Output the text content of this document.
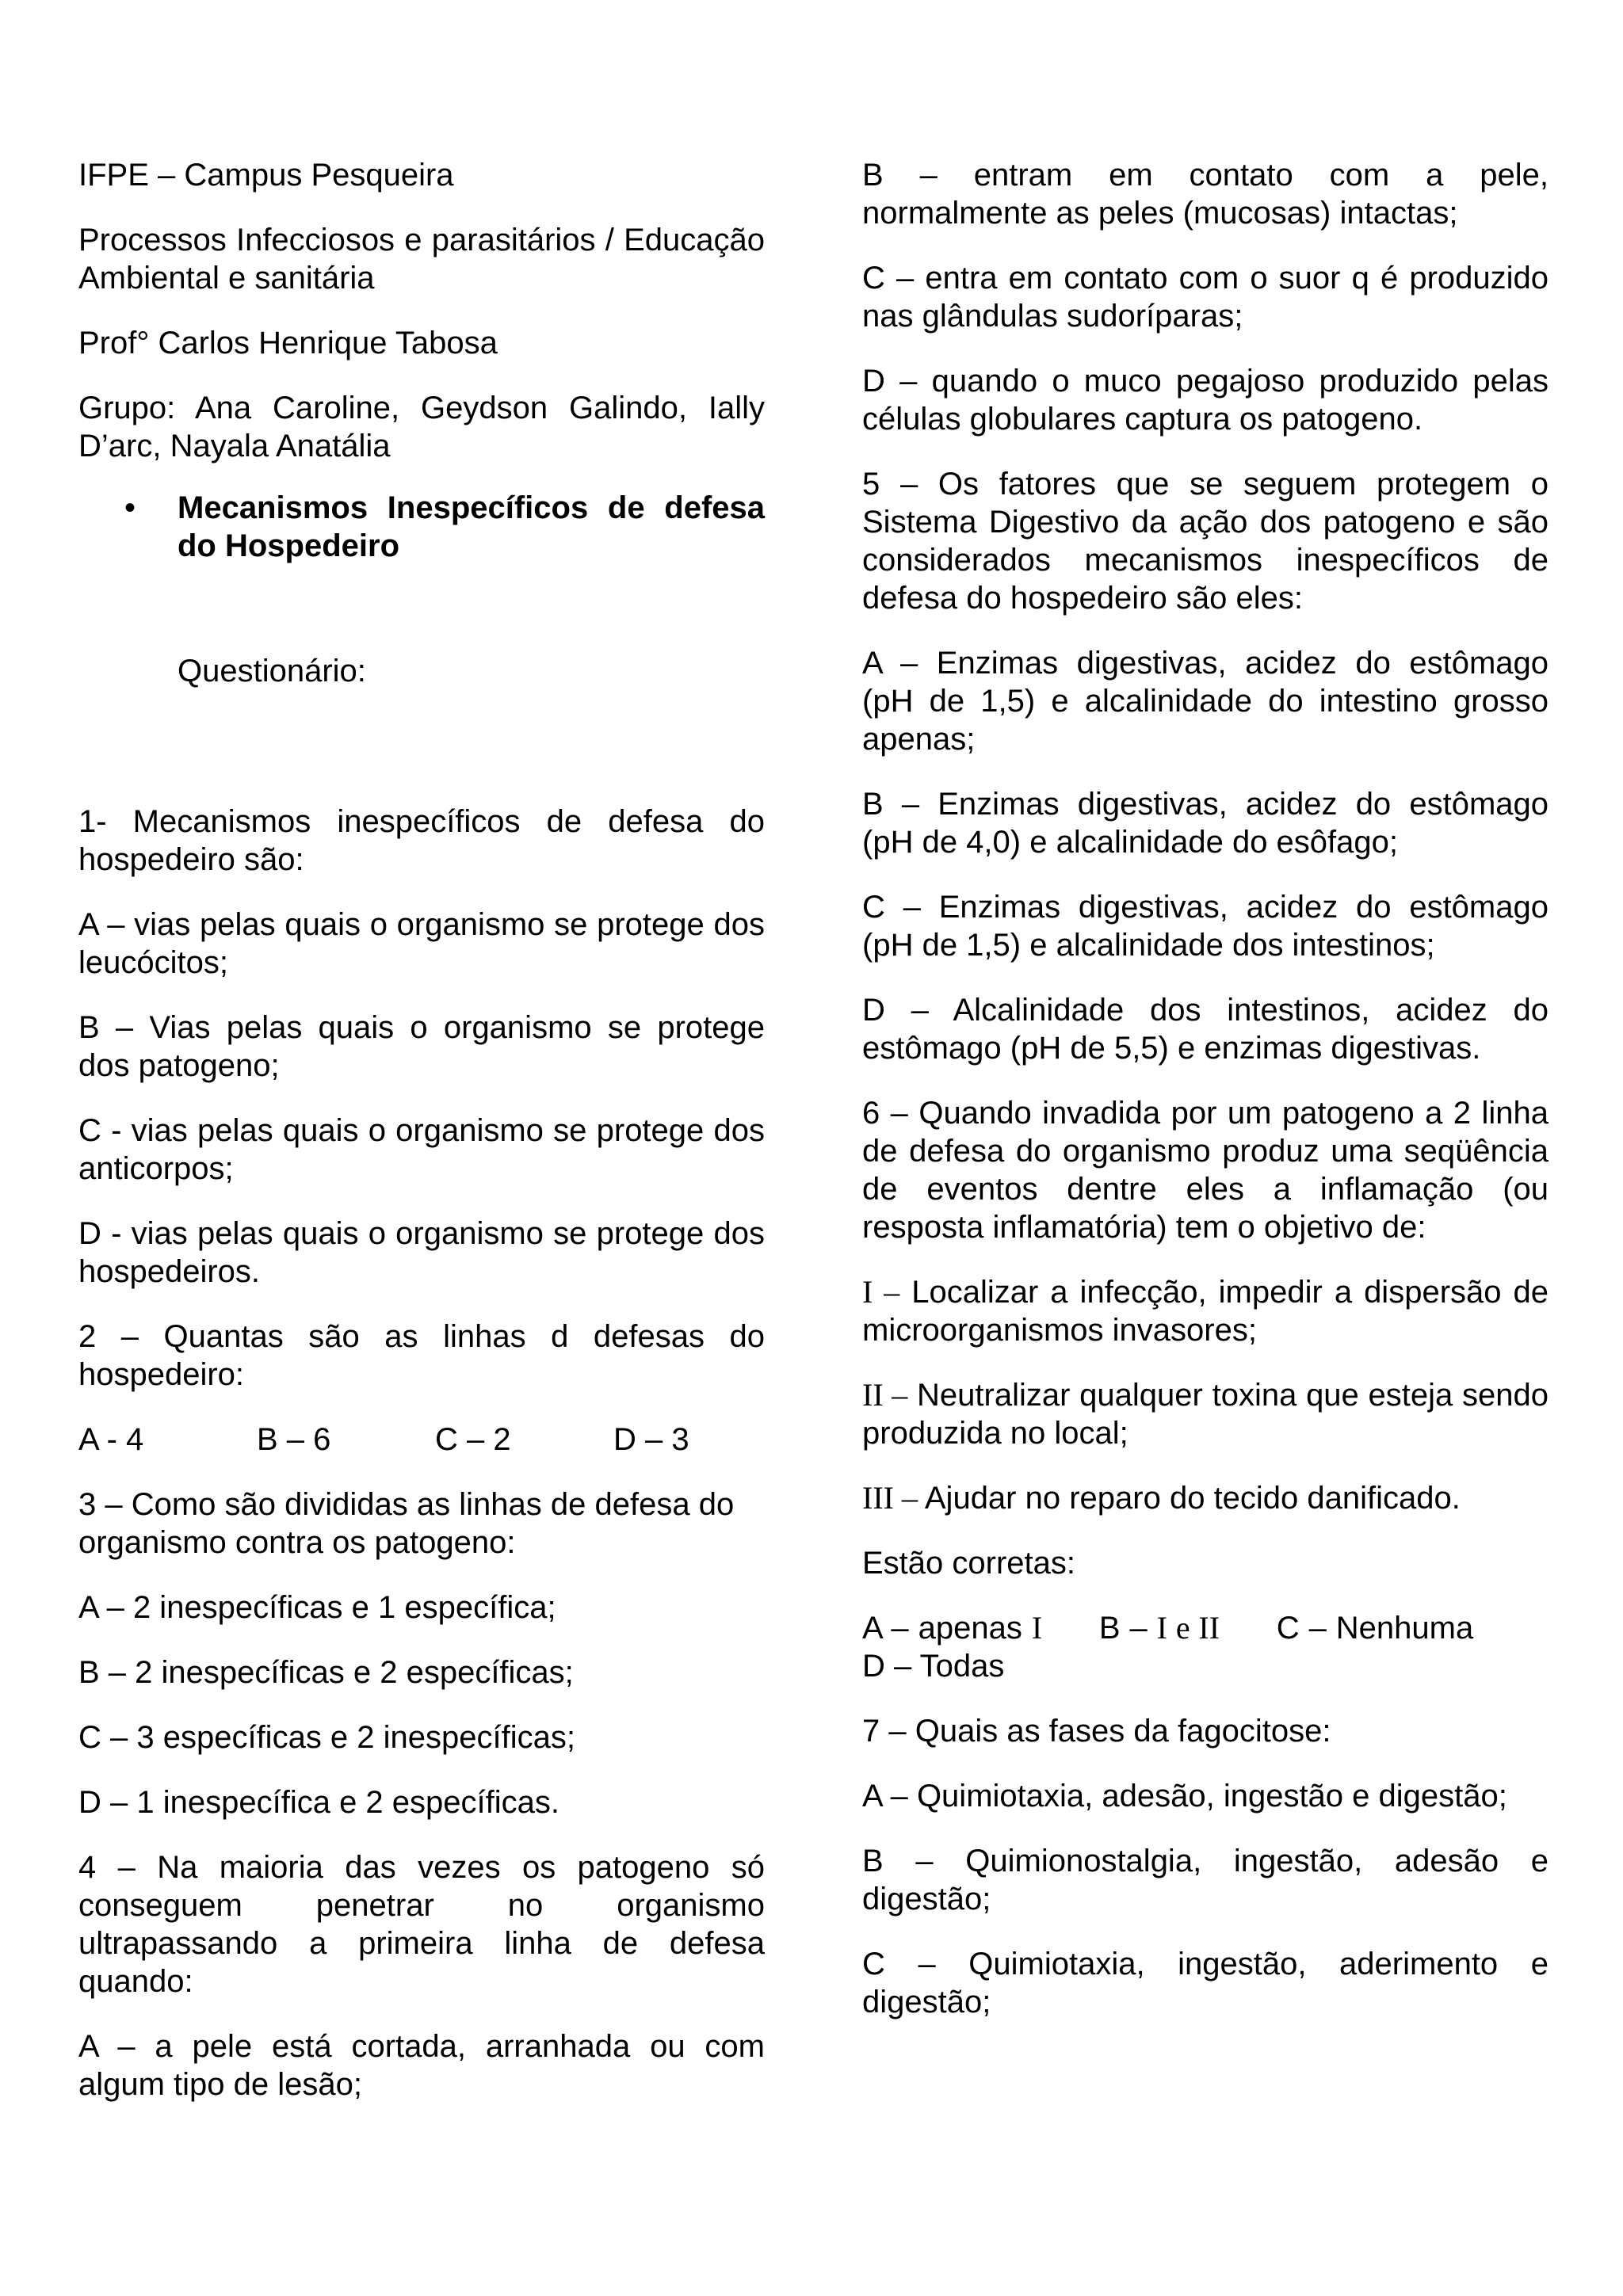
IFPE – Campus Pesqueira

Processos Infecciosos e parasitários / Educação Ambiental e sanitária

Prof° Carlos Henrique Tabosa

Grupo: Ana Caroline, Geydson Galindo, Ially D’arc, Nayala Anatália

•	Mecanismos Inespecíficos de defesa do Hospedeiro

Questionário:

1- Mecanismos inespecíficos de defesa do hospedeiro são:

A – vias pelas quais o organismo se protege dos leucócitos;

B – Vias pelas quais o organismo se protege dos patogeno;

C - vias pelas quais o organismo se protege dos anticorpos;

D - vias pelas quais o organismo se protege dos hospedeiros.

2 – Quantas são as linhas d defesas do hospedeiro:

A - 4	B – 6	C – 2	D – 3

3 – Como são divididas as linhas de defesa do organismo contra os patogeno:

A – 2 inespecíficas e 1 específica;

B – 2 inespecíficas e 2 específicas;

C – 3 específicas e 2 inespecíficas;

D – 1 inespecífica e 2 específicas.

4 – Na maioria das vezes os patogeno só conseguem penetrar no organismo ultrapassando a primeira linha de defesa quando:

A – a pele está cortada, arranhada ou com algum tipo de lesão;

B – entram em contato com a pele, normalmente as peles (mucosas) intactas;

C – entra em contato com o suor q é produzido nas glândulas sudoríparas;

D – quando o muco pegajoso produzido pelas células globulares captura os patogeno.

5 – Os fatores que se seguem protegem o Sistema Digestivo da ação dos patogeno e são considerados mecanismos inespecíficos de defesa do hospedeiro são eles:

A – Enzimas digestivas, acidez do estômago (pH de 1,5) e alcalinidade do intestino grosso apenas;

B – Enzimas digestivas, acidez do estômago (pH de 4,0) e alcalinidade do esôfago;

C – Enzimas digestivas, acidez do estômago (pH de 1,5) e alcalinidade dos intestinos;

D – Alcalinidade dos intestinos, acidez do estômago (pH de 5,5) e enzimas digestivas.

6 – Quando invadida por um patogeno a 2 linha de defesa do organismo produz uma seqüência de eventos dentre eles a inflamação (ou resposta inflamatória) tem o objetivo de:

I – Localizar a infecção, impedir a dispersão de microorganismos invasores;

II – Neutralizar qualquer toxina que esteja sendo produzida no local;

III – Ajudar no reparo do tecido danificado.

Estão corretas:

A – apenas I B – I e II C – Nenhuma         D – Todas

7 – Quais as fases da fagocitose:

A – Quimiotaxia, adesão, ingestão e digestão;

B – Quimionostalgia, ingestão, adesão e digestão;

C – Quimiotaxia, ingestão, aderimento e digestão;
